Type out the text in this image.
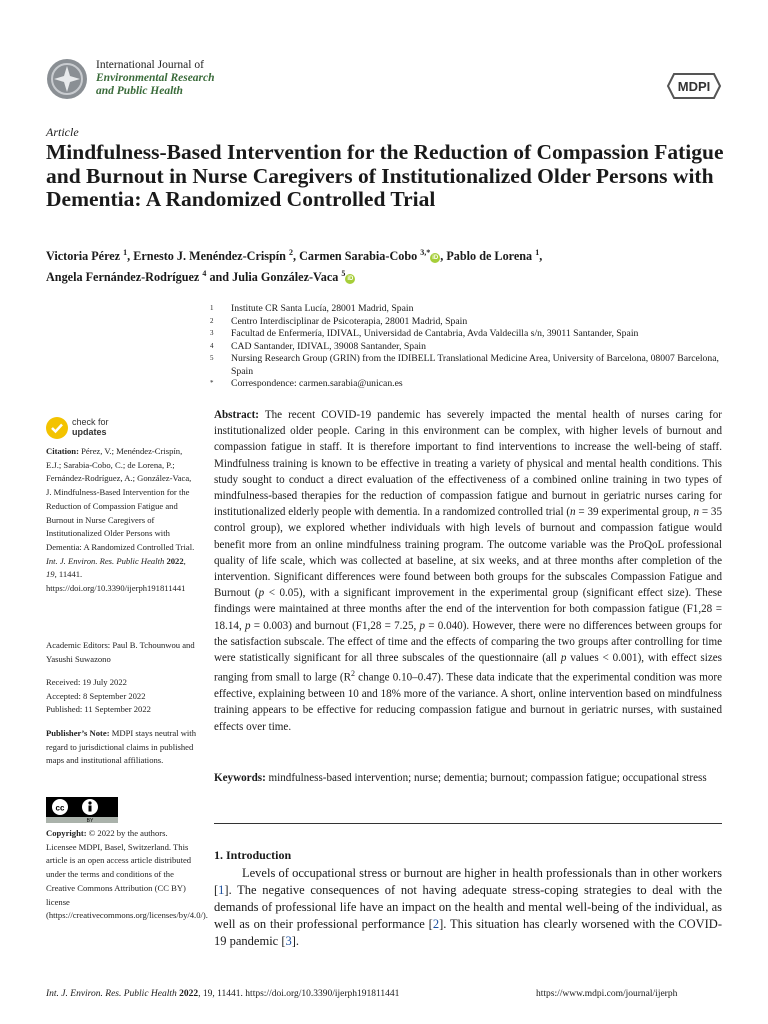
International Journal of
Environmental Research
and Public Health	MDPI
Article
Mindfulness-Based Intervention for the Reduction of Compassion Fatigue and Burnout in Nurse Caregivers of Institutionalized Older Persons with Dementia: A Randomized Controlled Trial
Victoria Pérez $^1$, Ernesto J. Menéndez-Crispín $^2$, Carmen Sarabia-Cobo $^{3,*}$iD , Pablo de Lorena $^1$,
Angela Fernández-Rodríguez $^4$ and Julia González-Vaca $^5$iD
1	Institute CR Santa Lucía, 28001 Madrid, Spain
2	Centro Interdisciplinar de Psicoterapia, 28001 Madrid, Spain
3	Facultad de Enfermería, IDIVAL, Universidad de Cantabria, Avda Valdecilla s/n, 39011 Santander, Spain
4	CAD Santander, IDIVAL, 39008 Santander, Spain
5	Nursing Research Group (GRIN) from the IDIBELL Translational Medicine Area, University of Barcelona, 08007 Barcelona, Spain
*	Correspondence: carmen.sarabia@unican.es
check for
updates
Citation: Pérez, V.; Menéndez-Crispín, E.J.; Sarabia-Cobo, C.; de Lorena, P.; Fernández-Rodríguez, A.; González-Vaca, J. Mindfulness-Based Intervention for the Reduction of Compassion Fatigue and Burnout in Nurse Caregivers of Institutionalized Older Persons with Dementia: A Randomized Controlled Trial. Int. J. Environ. Res. Public Health 2022, 19, 11441. https://doi.org/10.3390/ijerph191811441
Academic Editors: Paul B. Tchounwou and Yasushi Suwazono
Received: 19 July 2022
Accepted: 8 September 2022
Published: 11 September 2022
Publisher’s Note: MDPI stays neutral with regard to jurisdictional claims in published maps and institutional affiliations.
cc
BY
Copyright: © 2022 by the authors. Licensee MDPI, Basel, Switzerland. This article is an open access article distributed under the terms and conditions of the Creative Commons Attribution (CC BY) license (https://creativecommons.org/licenses/by/4.0/).
Abstract: The recent COVID-19 pandemic has severely impacted the mental health of nurses caring for institutionalized older people. Caring in this environment can be complex, with higher levels of burnout and compassion fatigue in staff. It is therefore important to find interventions to increase the well-being of staff. Mindfulness training is known to be effective in treating a variety of physical and mental health conditions. This study sought to conduct a direct evaluation of the effectiveness of a combined online training in two types of mindfulness-based therapies for the reduction of compassion fatigue and burnout in geriatric nurses caring for institutionalized elderly people with dementia. In a randomized controlled trial (n = 39 experimental group, n = 35 control group), we explored whether individuals with high levels of burnout and compassion fatigue would benefit more from an online mindfulness training program. The outcome variable was the ProQoL professional quality of life scale, which was collected at baseline, at six weeks, and at three months after completion of the intervention. Significant differences were found between both groups for the subscales Compassion Fatigue and Burnout (p < 0.05), with a significant improvement in the experimental group (significant effect size). These findings were maintained at three months after the end of the intervention for both compassion fatigue (F1,28 = 18.14, p = 0.003) and burnout (F1,28 = 7.25, p = 0.040). However, there were no differences between groups for the satisfaction subscale. The effect of time and the effects of comparing the two groups after controlling for time were statistically significant for all three subscales of the questionnaire (all p values < 0.001), with effect sizes ranging from small to large ($R^2$ change 0.10–0.47). These data indicate that the experimental condition was more effective, explaining between 10 and 18% more of the variance. A short, online intervention based on mindfulness training appears to be effective for reducing compassion fatigue and burnout in geriatric nurses, with sustained effects over time.
Keywords: mindfulness-based intervention; nurse; dementia; burnout; compassion fatigue; occupational stress
1. Introduction
Levels of occupational stress or burnout are higher in health professionals than in other workers [1]. The negative consequences of not having adequate stress-coping strategies to deal with the demands of professional life have an impact on the health and mental well-being of the individual, as well as on their professional performance [2]. This situation has clearly worsened with the COVID-19 pandemic [3].
Int. J. Environ. Res. Public Health 2022, 19, 11441. https://doi.org/10.3390/ijerph191811441	https://www.mdpi.com/journal/ijerph
